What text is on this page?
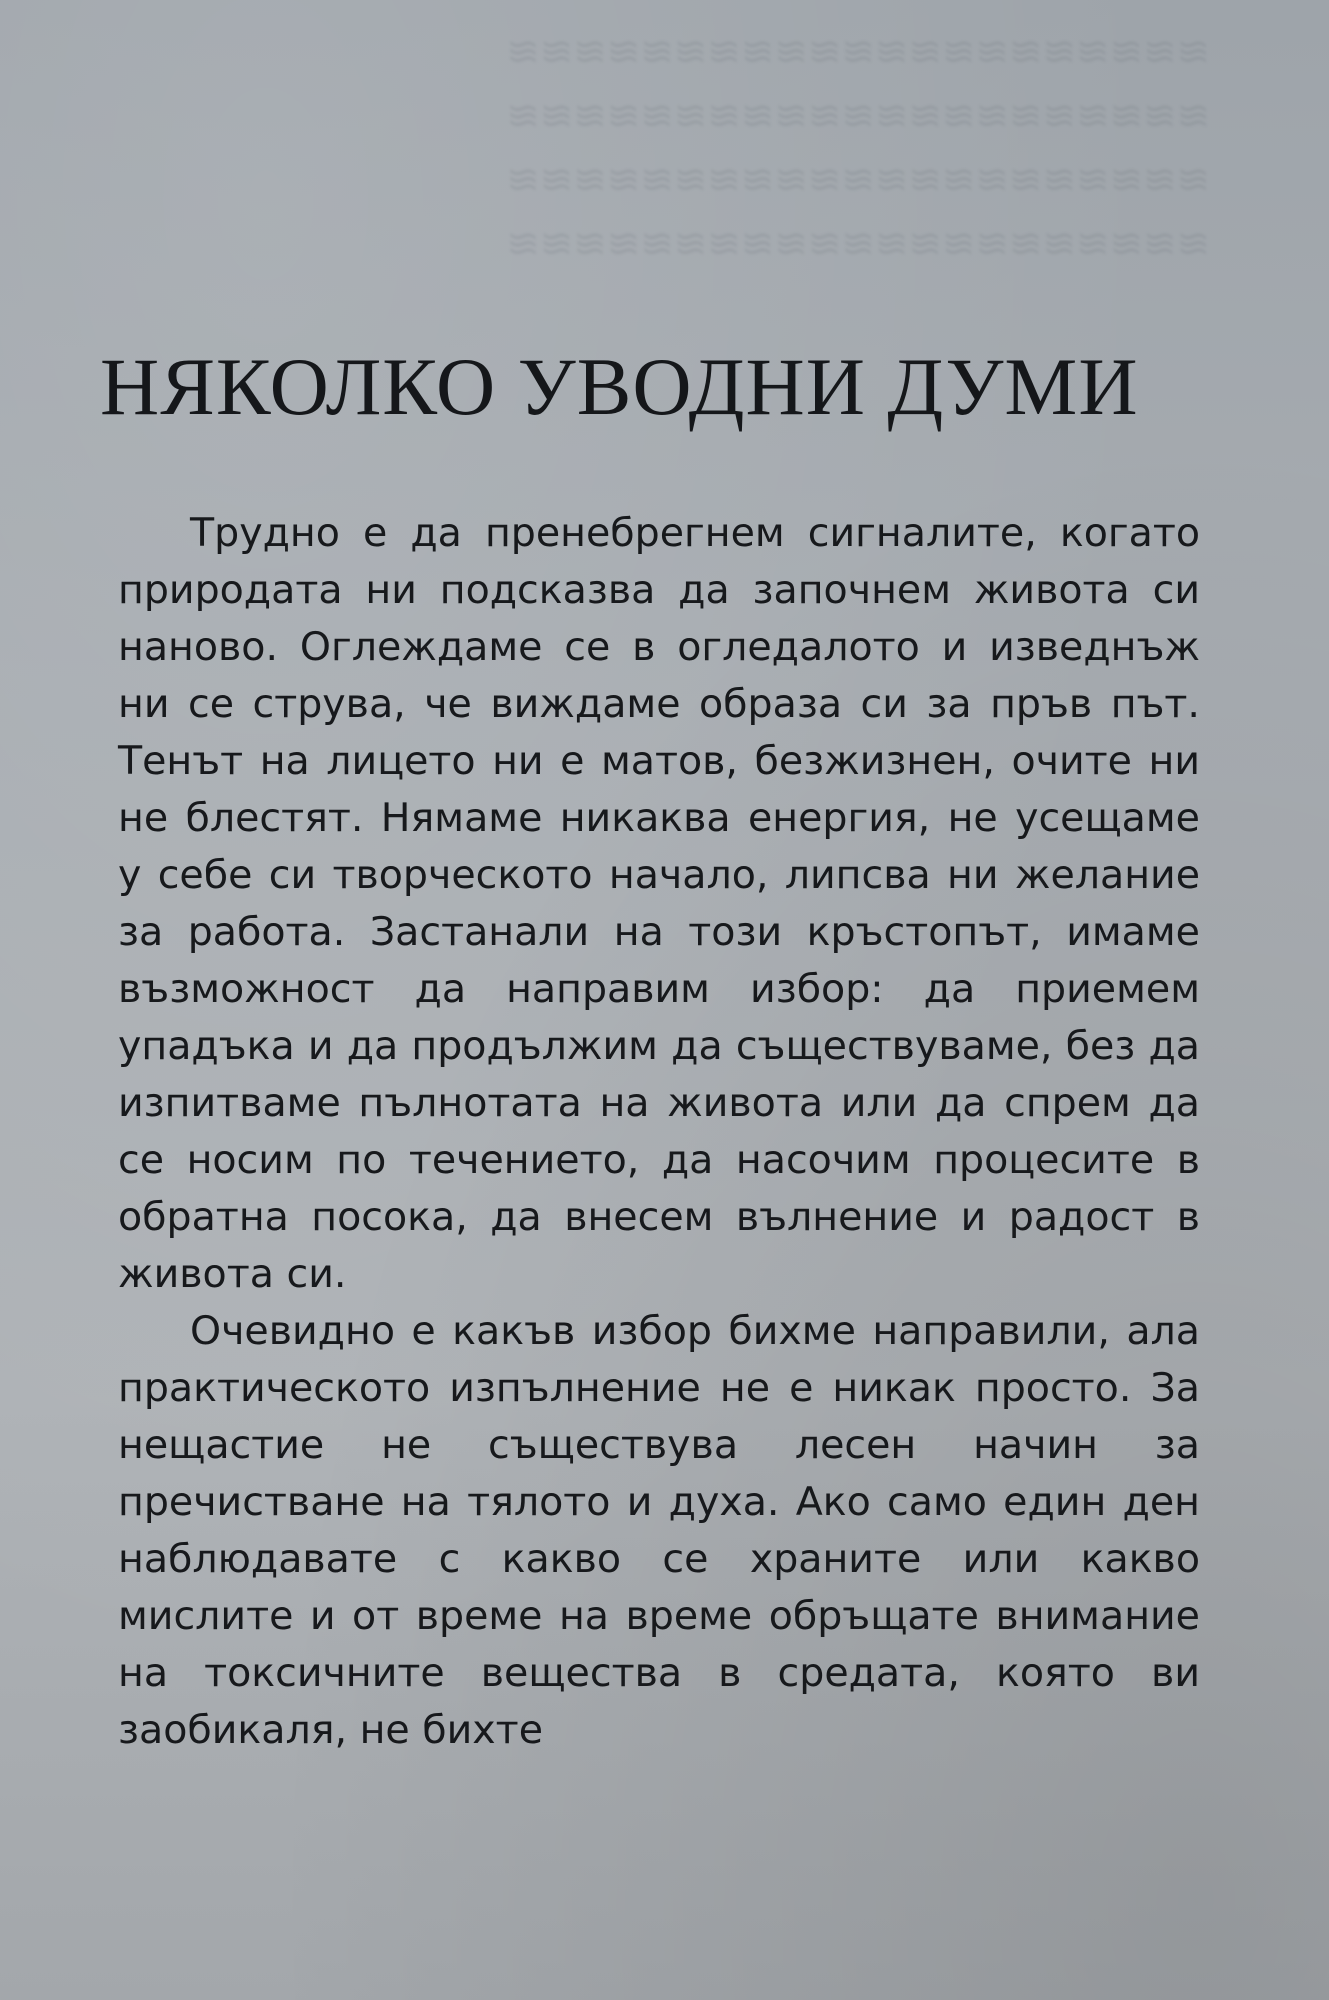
≋≋≋≋≋≋≋≋≋≋≋≋≋≋≋≋≋≋≋≋≋
≋≋≋≋≋≋≋≋≋≋≋≋≋≋≋≋≋≋≋≋≋
≋≋≋≋≋≋≋≋≋≋≋≋≋≋≋≋≋≋≋≋≋
≋≋≋≋≋≋≋≋≋≋≋≋≋≋≋≋≋≋≋≋≋
НЯКОЛКО УВОДНИ ДУМИ

Трудно е да пренебрегнем сигналите, когато природата ни подсказва да започнем живота си наново. Оглеждаме се в огледалото и изведнъж ни се струва, че виждаме образа си за пръв път. Тенът на лицето ни е матов, безжизнен, очите ни не блестят. Нямаме никаква енергия, не усещаме у себе си творческото начало, липсва ни желание за работа. Застанали на този кръстопът, имаме възможност да направим избор: да приемем упадъка и да продължим да съществуваме, без да изпитваме пълнотата на живота или да спрем да се носим по течението, да насочим процесите в обратна посока, да внесем вълнение и радост в живота си.

Очевидно е какъв избор бихме направили, ала практическото изпълнение не е никак просто. За нещастие не съществува лесен начин за пречистване на тялото и духа. Ако само един ден наблюдавате с какво се храните или какво мислите и от време на време обръщате внимание на токсичните вещества в средата, която ви заобикаля, не бихте
